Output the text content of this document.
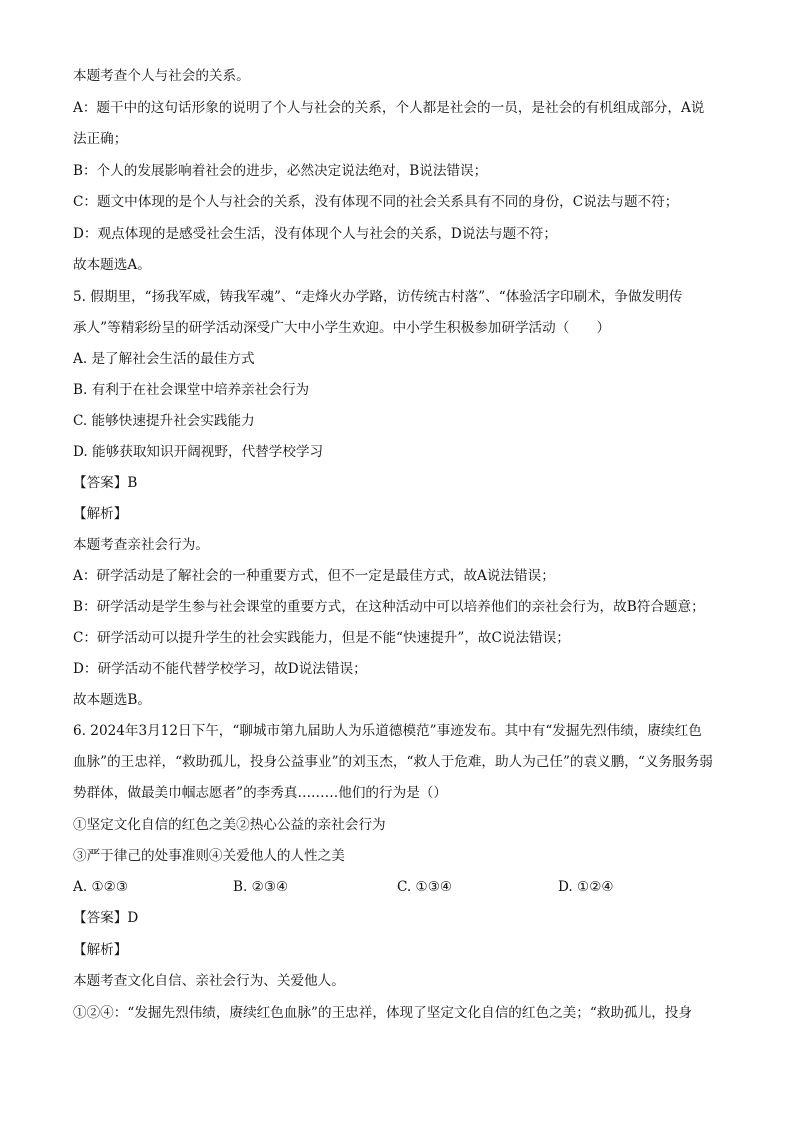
本题考查个人与社会的关系。
A：题干中的这句话形象的说明了个人与社会的关系，个人都是社会的一员，是社会的有机组成部分，A说
法正确；
B：个人的发展影响着社会的进步，必然决定说法绝对，B说法错误；
C：题文中体现的是个人与社会的关系，没有体现不同的社会关系具有不同的身份，C说法与题不符；
D：观点体现的是感受社会生活，没有体现个人与社会的关系，D说法与题不符；
故本题选A。
5. 假期里，“扬我军威，铸我军魂”、“走烽火办学路，访传统古村落”、“体验活字印刷术，争做发明传
承人”等精彩纷呈的研学活动深受广大中小学生欢迎。中小学生积极参加研学活动（　　）
A. 是了解社会生活的最佳方式
B. 有利于在社会课堂中培养亲社会行为
C. 能够快速提升社会实践能力
D. 能够获取知识开阔视野，代替学校学习
【答案】B
【解析】
本题考查亲社会行为。
A：研学活动是了解社会的一种重要方式，但不一定是最佳方式，故A说法错误；
B：研学活动是学生参与社会课堂的重要方式，在这种活动中可以培养他们的亲社会行为，故B符合题意；
C：研学活动可以提升学生的社会实践能力，但是不能“快速提升”，故C说法错误；
D：研学活动不能代替学校学习，故D说法错误；
故本题选B。
6. 2024年3月12日下午，“聊城市第九届助人为乐道德模范”事迹发布。其中有“发掘先烈伟绩，赓续红色
血脉”的王忠祥，“救助孤儿，投身公益事业”的刘玉杰，“救人于危难，助人为己任”的袁义鹏，“义务服务弱
势群体，做最美巾帼志愿者”的李秀真………他们的行为是（）
①坚定文化自信的红色之美②热心公益的亲社会行为
③严于律己的处事准则④关爱他人的人性之美
A. ①②③	B. ②③④	C. ①③④	D. ①②④
【答案】D
【解析】
本题考查文化自信、亲社会行为、关爱他人。
①②④：“发掘先烈伟绩，赓续红色血脉”的王忠祥，体现了坚定文化自信的红色之美；“救助孤儿，投身
